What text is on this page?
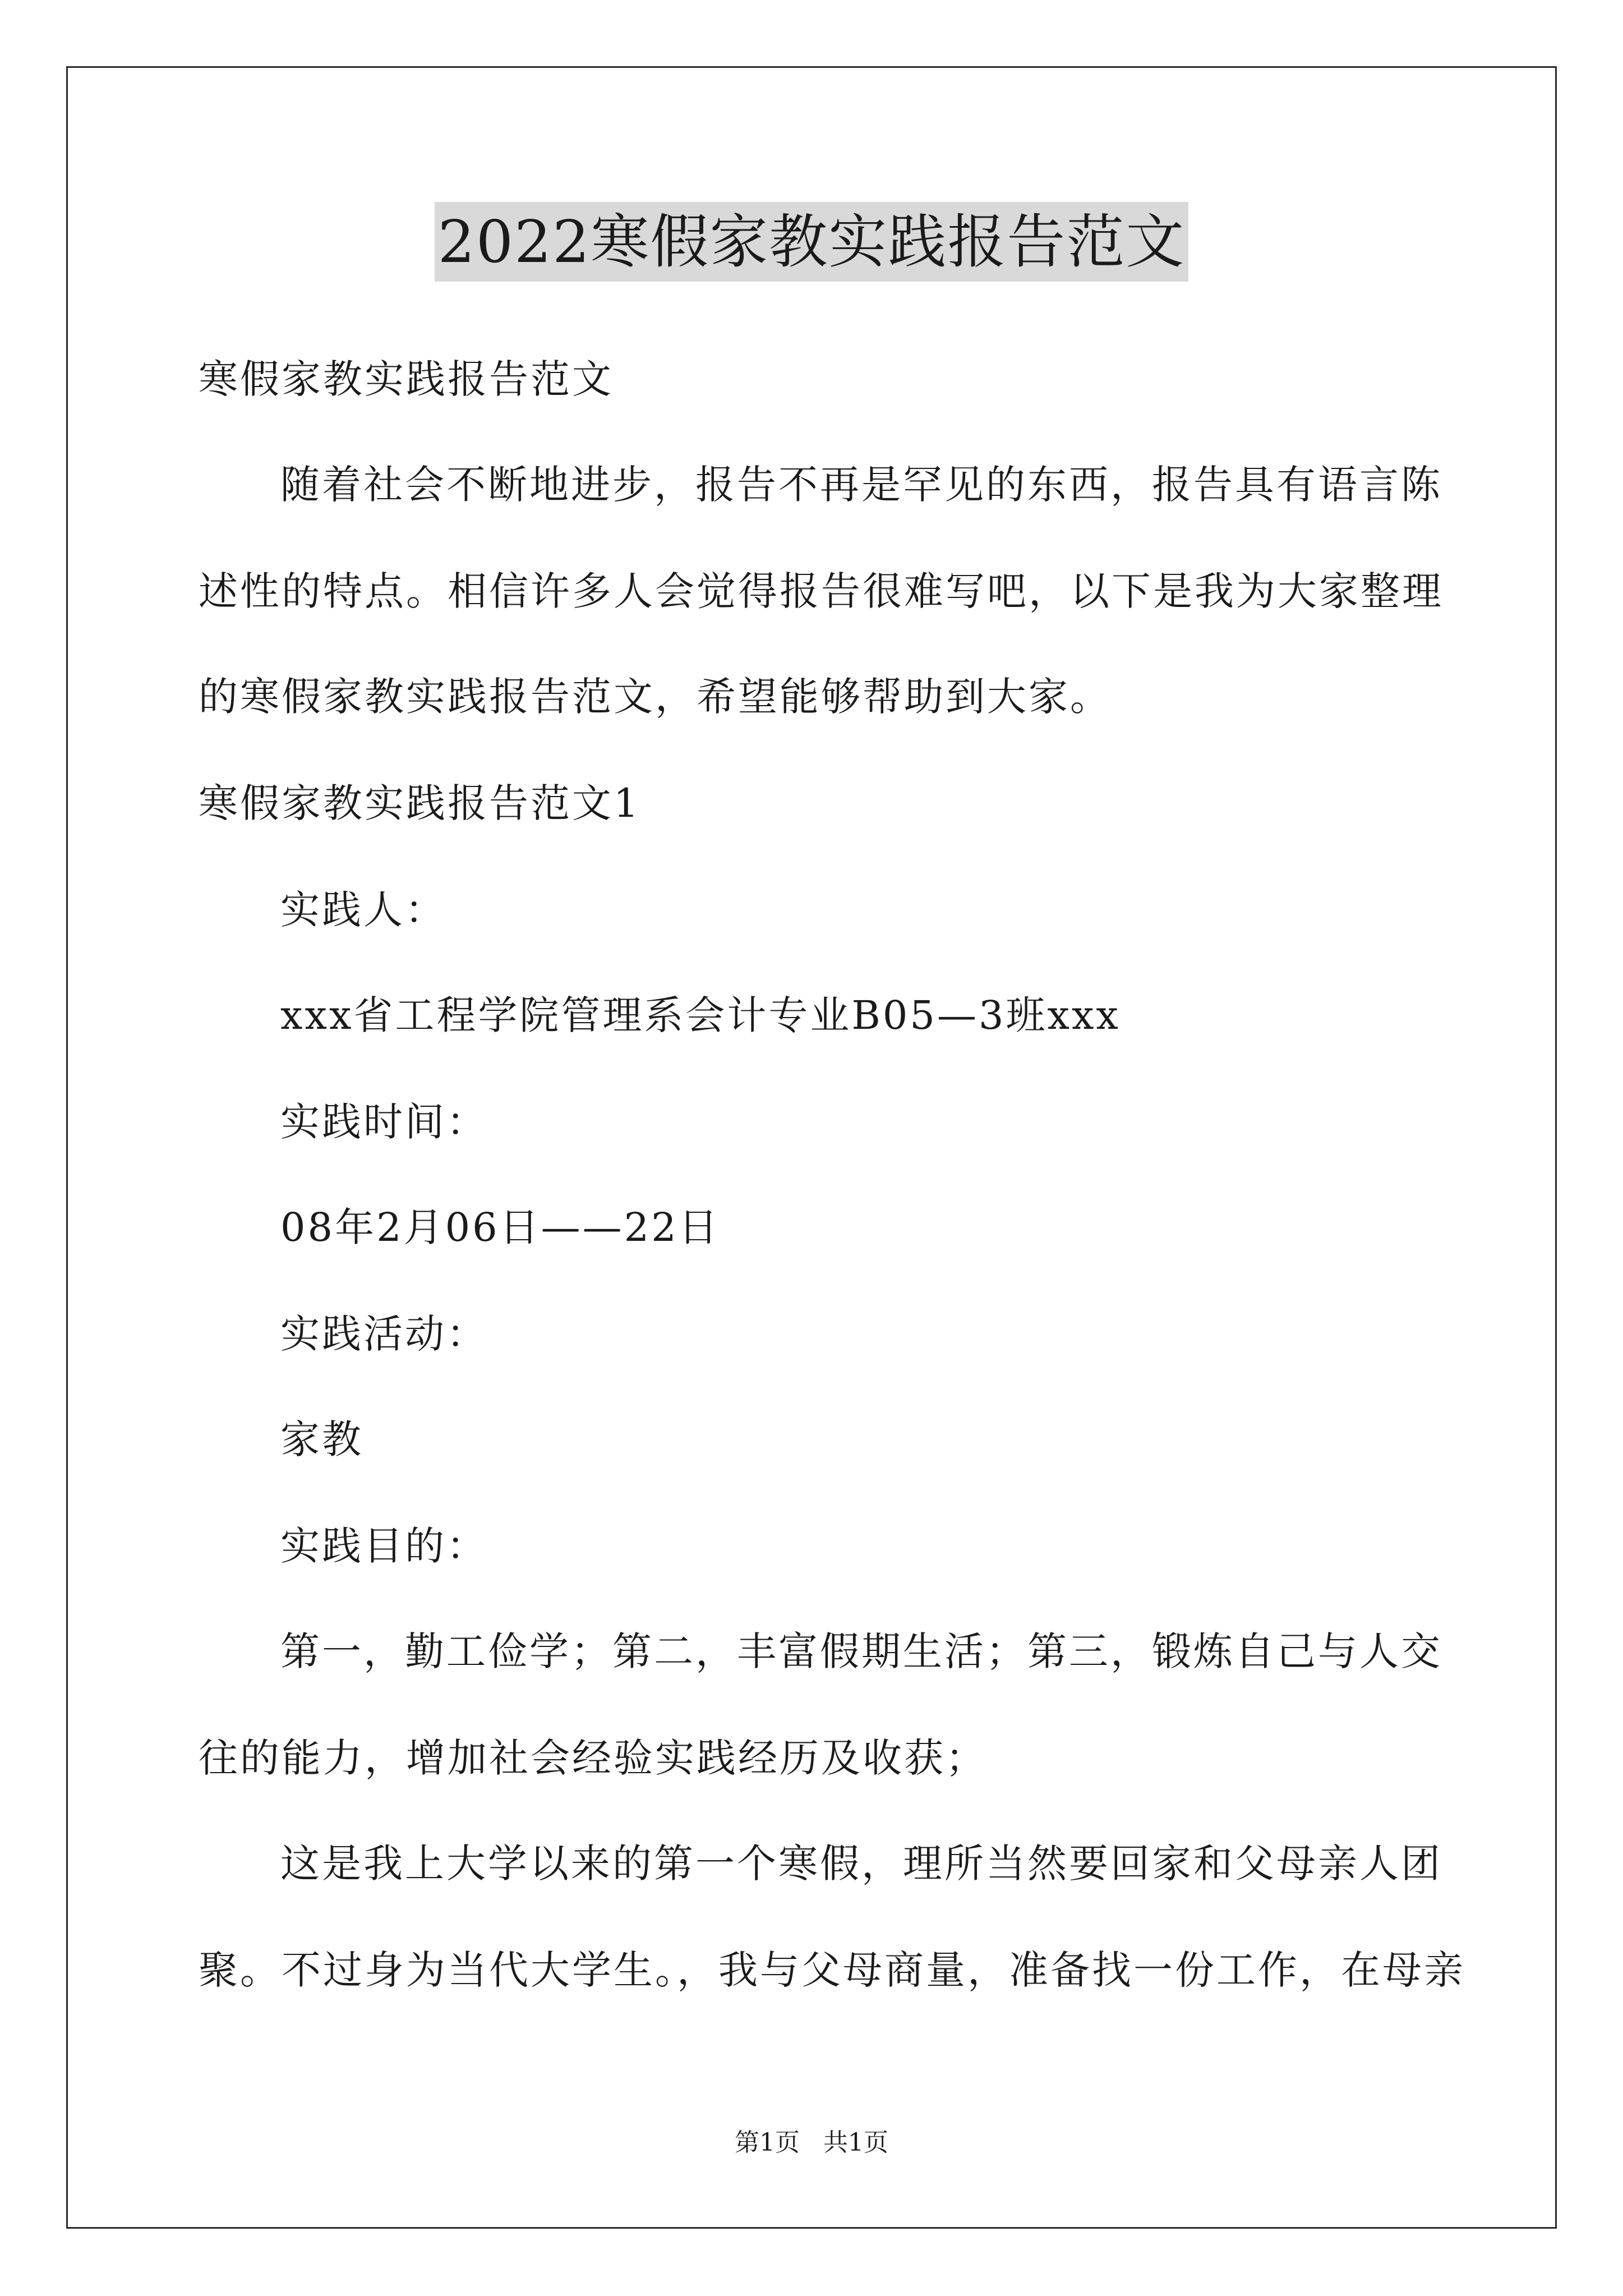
2022寒假家教实践报告范文
寒假家教实践报告范文
随着社会不断地进步，报告不再是罕见的东西，报告具有语言陈
述性的特点。相信许多人会觉得报告很难写吧，以下是我为大家整理
的寒假家教实践报告范文，希望能够帮助到大家。
寒假家教实践报告范文1
实践人：
xxx省工程学院管理系会计专业B05—3班xxx
实践时间：
08年2月06日——22日
实践活动：
家教
实践目的：
第一，勤工俭学；第二，丰富假期生活；第三，锻炼自己与人交
往的能力，增加社会经验实践经历及收获；
这是我上大学以来的第一个寒假，理所当然要回家和父母亲人团
聚。不过身为当代大学生。，我与父母商量，准备找一份工作，在母亲
第1页   共1页
